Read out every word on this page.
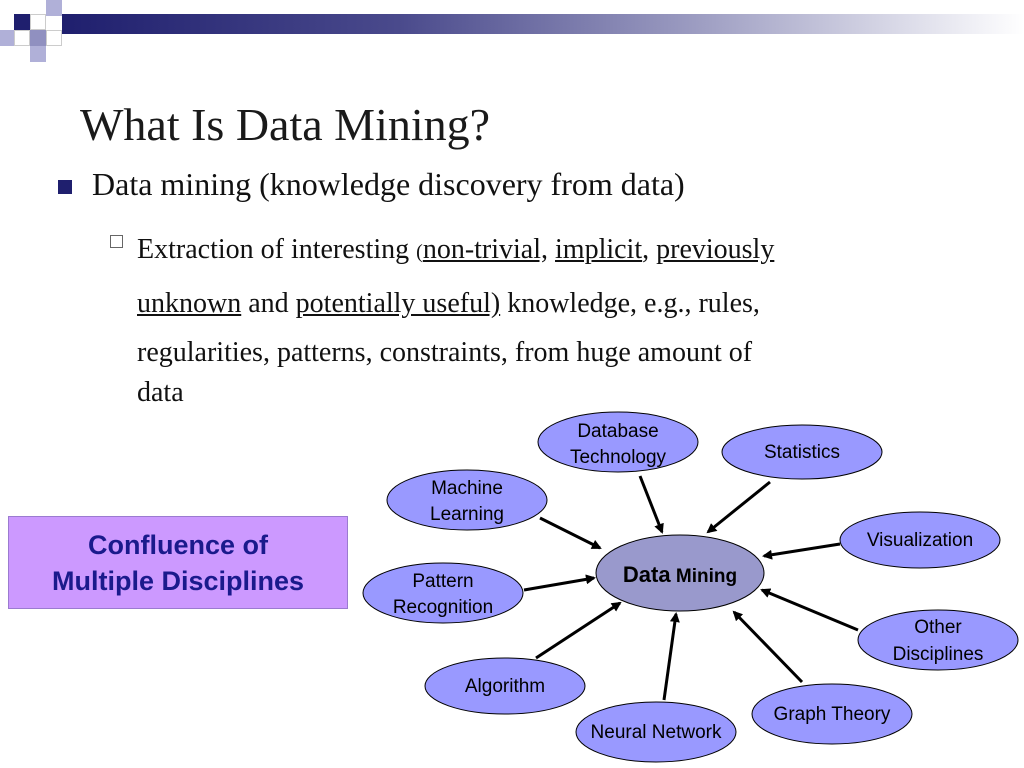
What Is Data Mining?
Data mining (knowledge discovery from data)
Extraction of interesting (non-trivial, implicit, previously
unknown and potentially useful) knowledge, e.g., rules,
regularities, patterns, constraints, from huge amount of
data
Confluence of
Multiple Disciplines
Database
Technology	Statistics
Machine
Learning
Visualization
Pattern
Recognition
Other
Disciplines
Algorithm
Graph Theory
Neural Network
Data Mining
